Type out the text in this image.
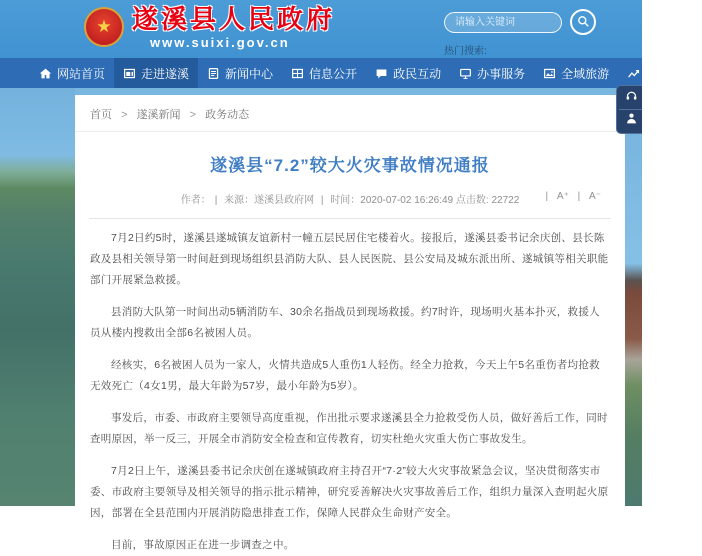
★ 遂溪县人民政府
www.suixi.gov.cn
请输入关键词
热门搜索:
网站首页	走进遂溪	新闻中心	信息公开	政民互动	办事服务	全域旅游	站群导航
首页 > 遂溪新闻 > 政务动态
遂溪县“7.2”较大火灾事故情况通报
作者： | 来源：遂溪县政府网 | 时间：2020-07-02 16:26:49 点击数: 22722	| A⁺ | A⁻

7月2日约5时，遂溪县遂城镇友谊新村一幢五层民居住宅楼着火。接报后，遂溪县委书记余庆创、县长陈政及县相关领导第一时间赶到现场组织县消防大队、县人民医院、县公安局及城东派出所、遂城镇等相关职能部门开展紧急救援。

县消防大队第一时间出动5辆消防车、30余名指战员到现场救援。约7时许，现场明火基本扑灭，救援人员从楼内搜救出全部6名被困人员。

经核实，6名被困人员为一家人，火情共造成5人重伤1人轻伤。经全力抢救，今天上午5名重伤者均抢救无效死亡（4女1男，最大年龄为57岁，最小年龄为5岁）。

事发后，市委、市政府主要领导高度重视，作出批示要求遂溪县全力抢救受伤人员，做好善后工作，同时查明原因，举一反三，开展全市消防安全检查和宣传教育，切实杜绝火灾重大伤亡事故发生。

7月2日上午，遂溪县委书记余庆创在遂城镇政府主持召开“7·2”较大火灾事故紧急会议，坚决贯彻落实市委、市政府主要领导及相关领导的指示批示精神，研究妥善解决火灾事故善后工作，组织力量深入查明起火原因，部署在全县范围内开展消防隐患排查工作，保障人民群众生命财产安全。

目前，事故原因正在进一步调查之中。
